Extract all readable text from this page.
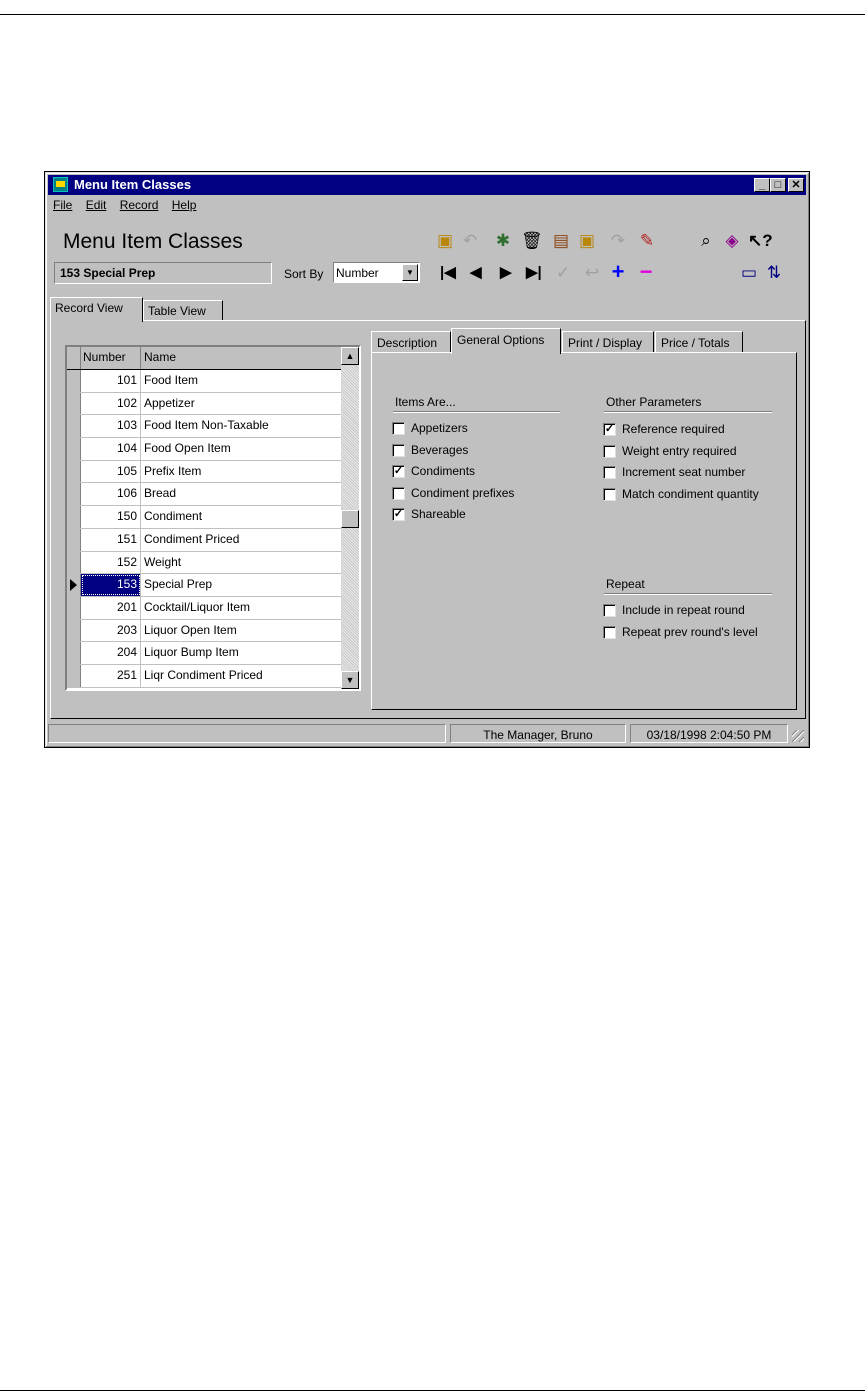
Menu Item Classes	_ □ ✕
File Edit Record Help
Menu Item Classes
153 Special Prep	Sort By Number	▼
▣ ↶ ✱ 🗑 ▤ ▣ ↷ ✎	⌕ ◈ ↖?
|◀ ◀ ▶ ▶| ✓ ↩ + −	▭ ⇅
Record View	Table View
Number	Name
101 Food Item
102 Appetizer
103 Food Item Non-Taxable
104 Food Open Item
105 Prefix Item
106 Bread
150 Condiment
151 Condiment Priced
152 Weight
153 Special Prep
201 Cocktail/Liquor Item
203 Liquor Open Item
204 Liquor Bump Item
251 Liqr Condiment Priced
▲
▼
Description	General Options	Print / Display	Price / Totals
Items Are...
Appetizers
Beverages
✓ Condiments
Condiment prefixes
✓ Shareable
Other Parameters
✓ Reference required
Weight entry required
Increment seat number
Match condiment quantity
Repeat
Include in repeat round
Repeat prev round's level
The Manager, Bruno	03/18/1998 2:04:50 PM
